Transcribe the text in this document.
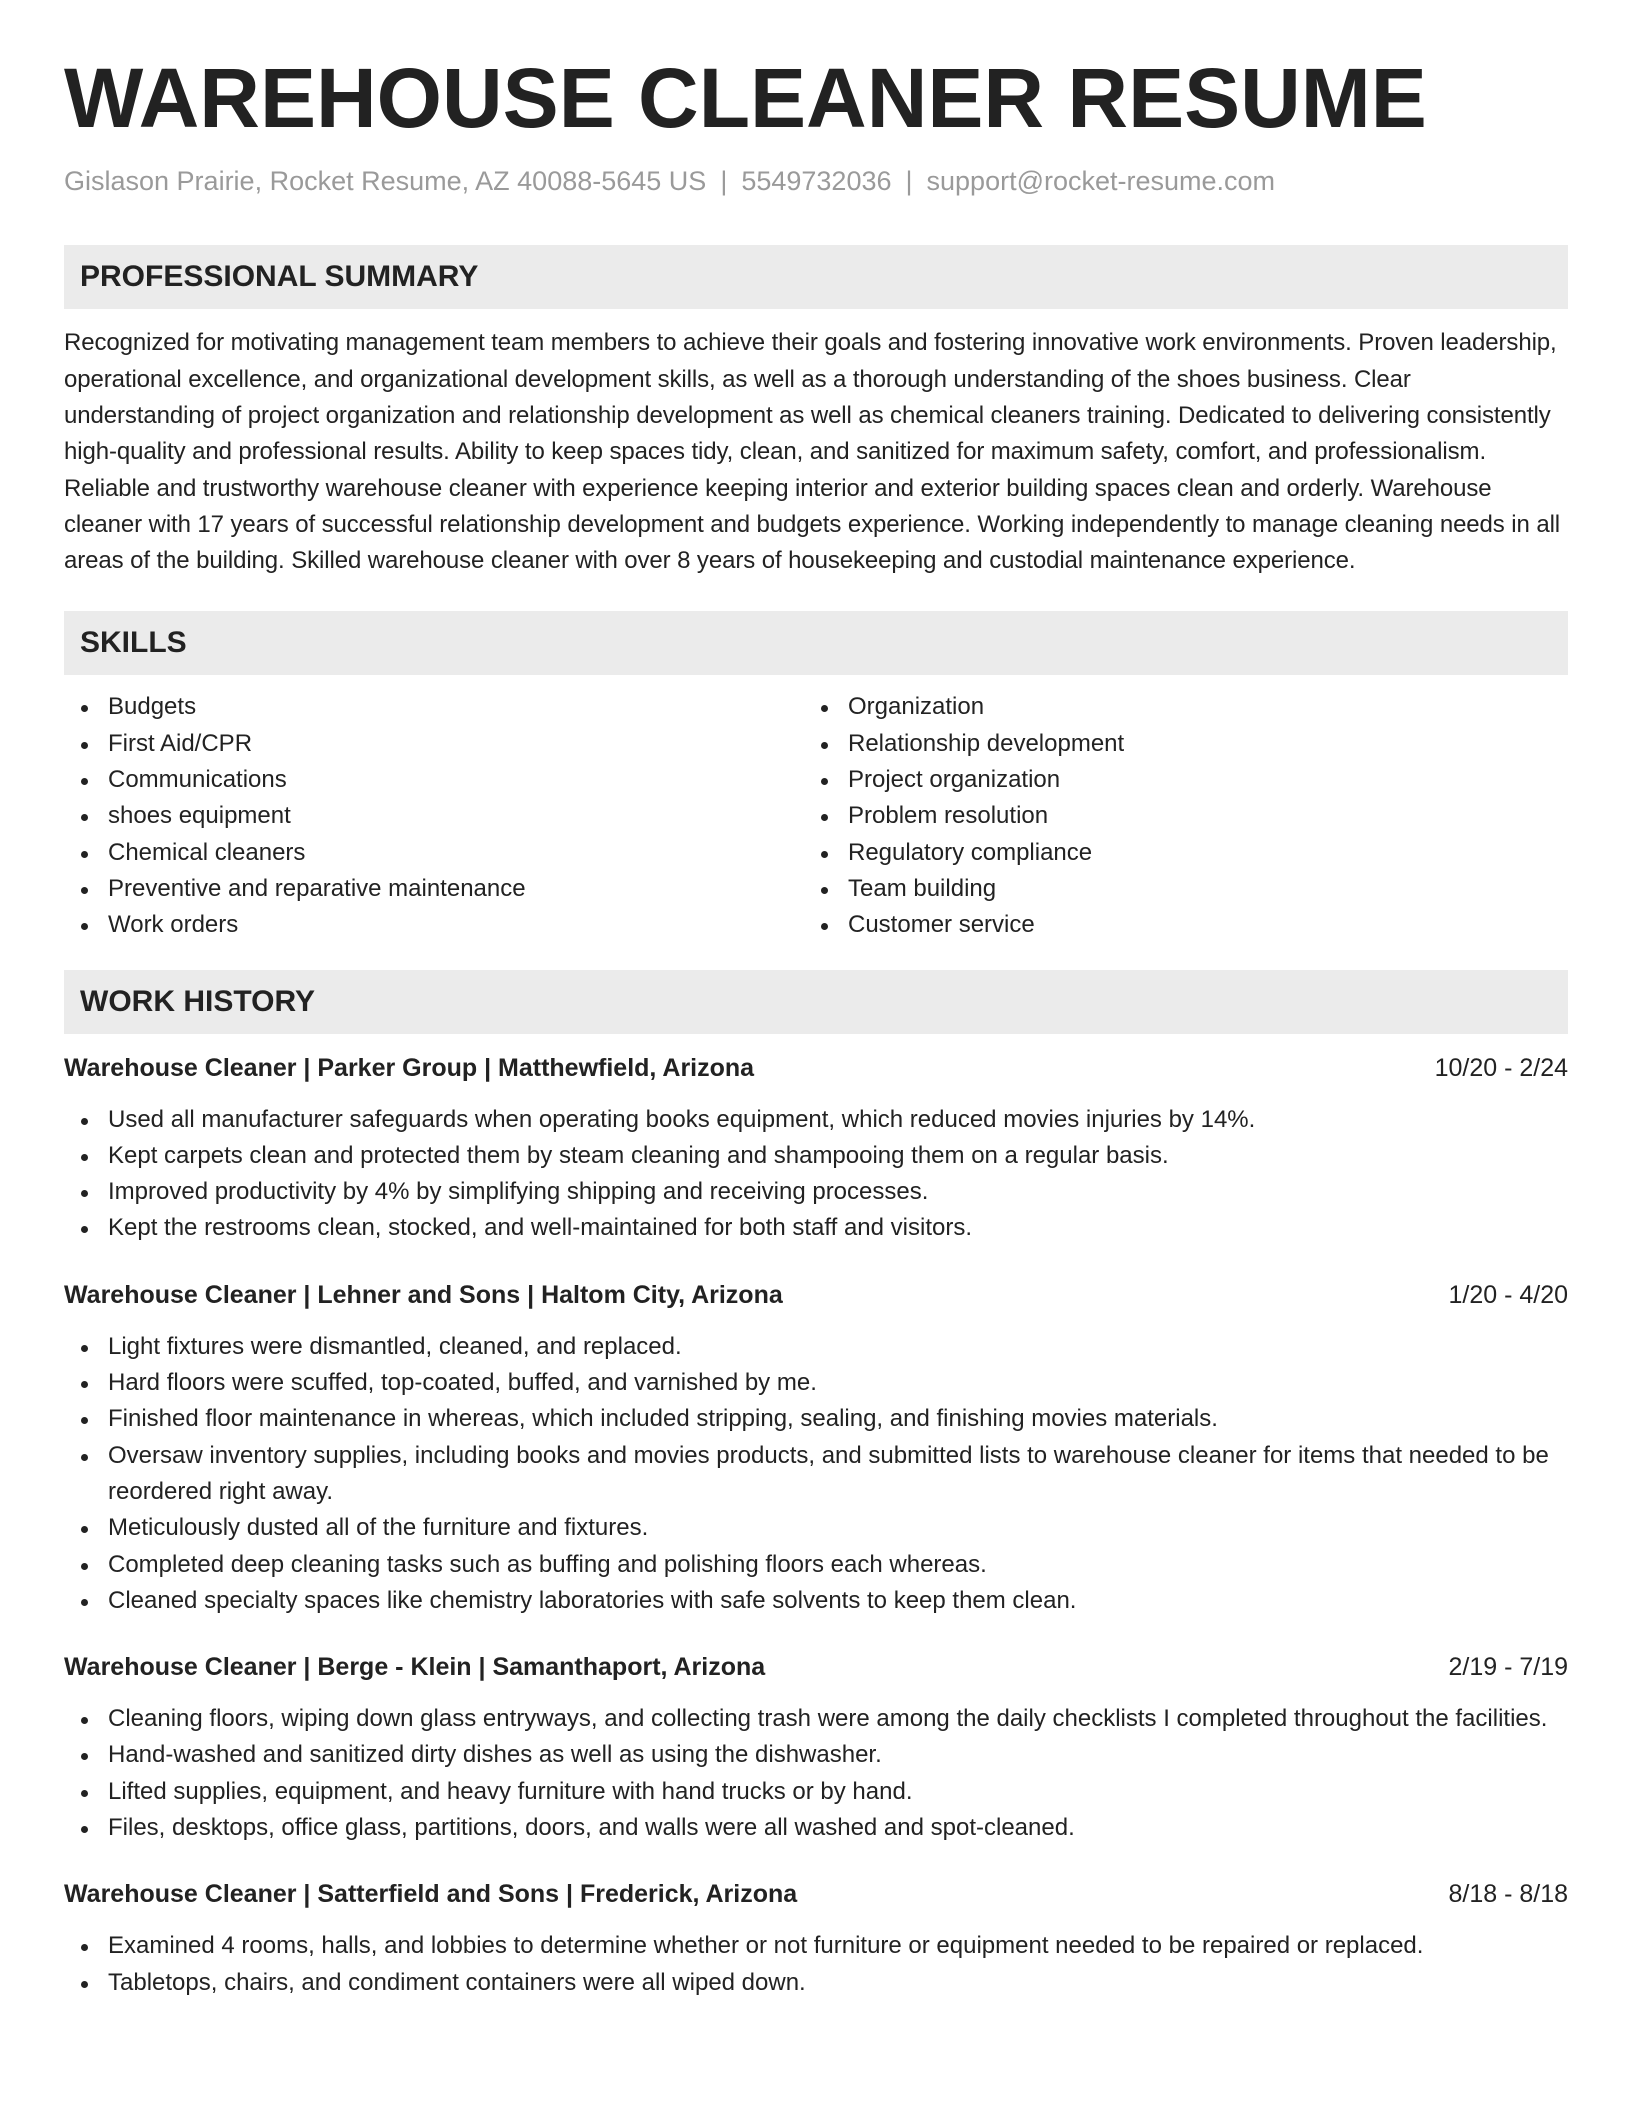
WAREHOUSE CLEANER RESUME
Gislason Prairie, Rocket Resume, AZ 40088-5645 US | 5549732036 | support@rocket-resume.com
PROFESSIONAL SUMMARY

Recognized for motivating management team members to achieve their goals and fostering innovative work environments. Proven leadership, operational excellence, and organizational development skills, as well as a thorough understanding of the shoes business. Clear understanding of project organization and relationship development as well as chemical cleaners training. Dedicated to delivering consistently high-quality and professional results. Ability to keep spaces tidy, clean, and sanitized for maximum safety, comfort, and professionalism. Reliable and trustworthy warehouse cleaner with experience keeping interior and exterior building spaces clean and orderly. Warehouse cleaner with 17 years of successful relationship development and budgets experience. Working independently to manage cleaning needs in all areas of the building. Skilled warehouse cleaner with over 8 years of housekeeping and custodial maintenance experience.

SKILLS
Budgets
First Aid/CPR
Communications
shoes equipment
Chemical cleaners
Preventive and reparative maintenance
Work orders
Organization
Relationship development
Project organization
Problem resolution
Regulatory compliance
Team building
Customer service
WORK HISTORY
Warehouse Cleaner | Parker Group | Matthewfield, Arizona	10/20 - 2/24
Used all manufacturer safeguards when operating books equipment, which reduced movies injuries by 14%.
Kept carpets clean and protected them by steam cleaning and shampooing them on a regular basis.
Improved productivity by 4% by simplifying shipping and receiving processes.
Kept the restrooms clean, stocked, and well-maintained for both staff and visitors.
Warehouse Cleaner | Lehner and Sons | Haltom City, Arizona	1/20 - 4/20
Light fixtures were dismantled, cleaned, and replaced.
Hard floors were scuffed, top-coated, buffed, and varnished by me.
Finished floor maintenance in whereas, which included stripping, sealing, and finishing movies materials.
Oversaw inventory supplies, including books and movies products, and submitted lists to warehouse cleaner for items that needed to be reordered right away.
Meticulously dusted all of the furniture and fixtures.
Completed deep cleaning tasks such as buffing and polishing floors each whereas.
Cleaned specialty spaces like chemistry laboratories with safe solvents to keep them clean.
Warehouse Cleaner | Berge - Klein | Samanthaport, Arizona	2/19 - 7/19
Cleaning floors, wiping down glass entryways, and collecting trash were among the daily checklists I completed throughout the facilities.
Hand-washed and sanitized dirty dishes as well as using the dishwasher.
Lifted supplies, equipment, and heavy furniture with hand trucks or by hand.
Files, desktops, office glass, partitions, doors, and walls were all washed and spot-cleaned.
Warehouse Cleaner | Satterfield and Sons | Frederick, Arizona	8/18 - 8/18
Examined 4 rooms, halls, and lobbies to determine whether or not furniture or equipment needed to be repaired or replaced.
Tabletops, chairs, and condiment containers were all wiped down.
